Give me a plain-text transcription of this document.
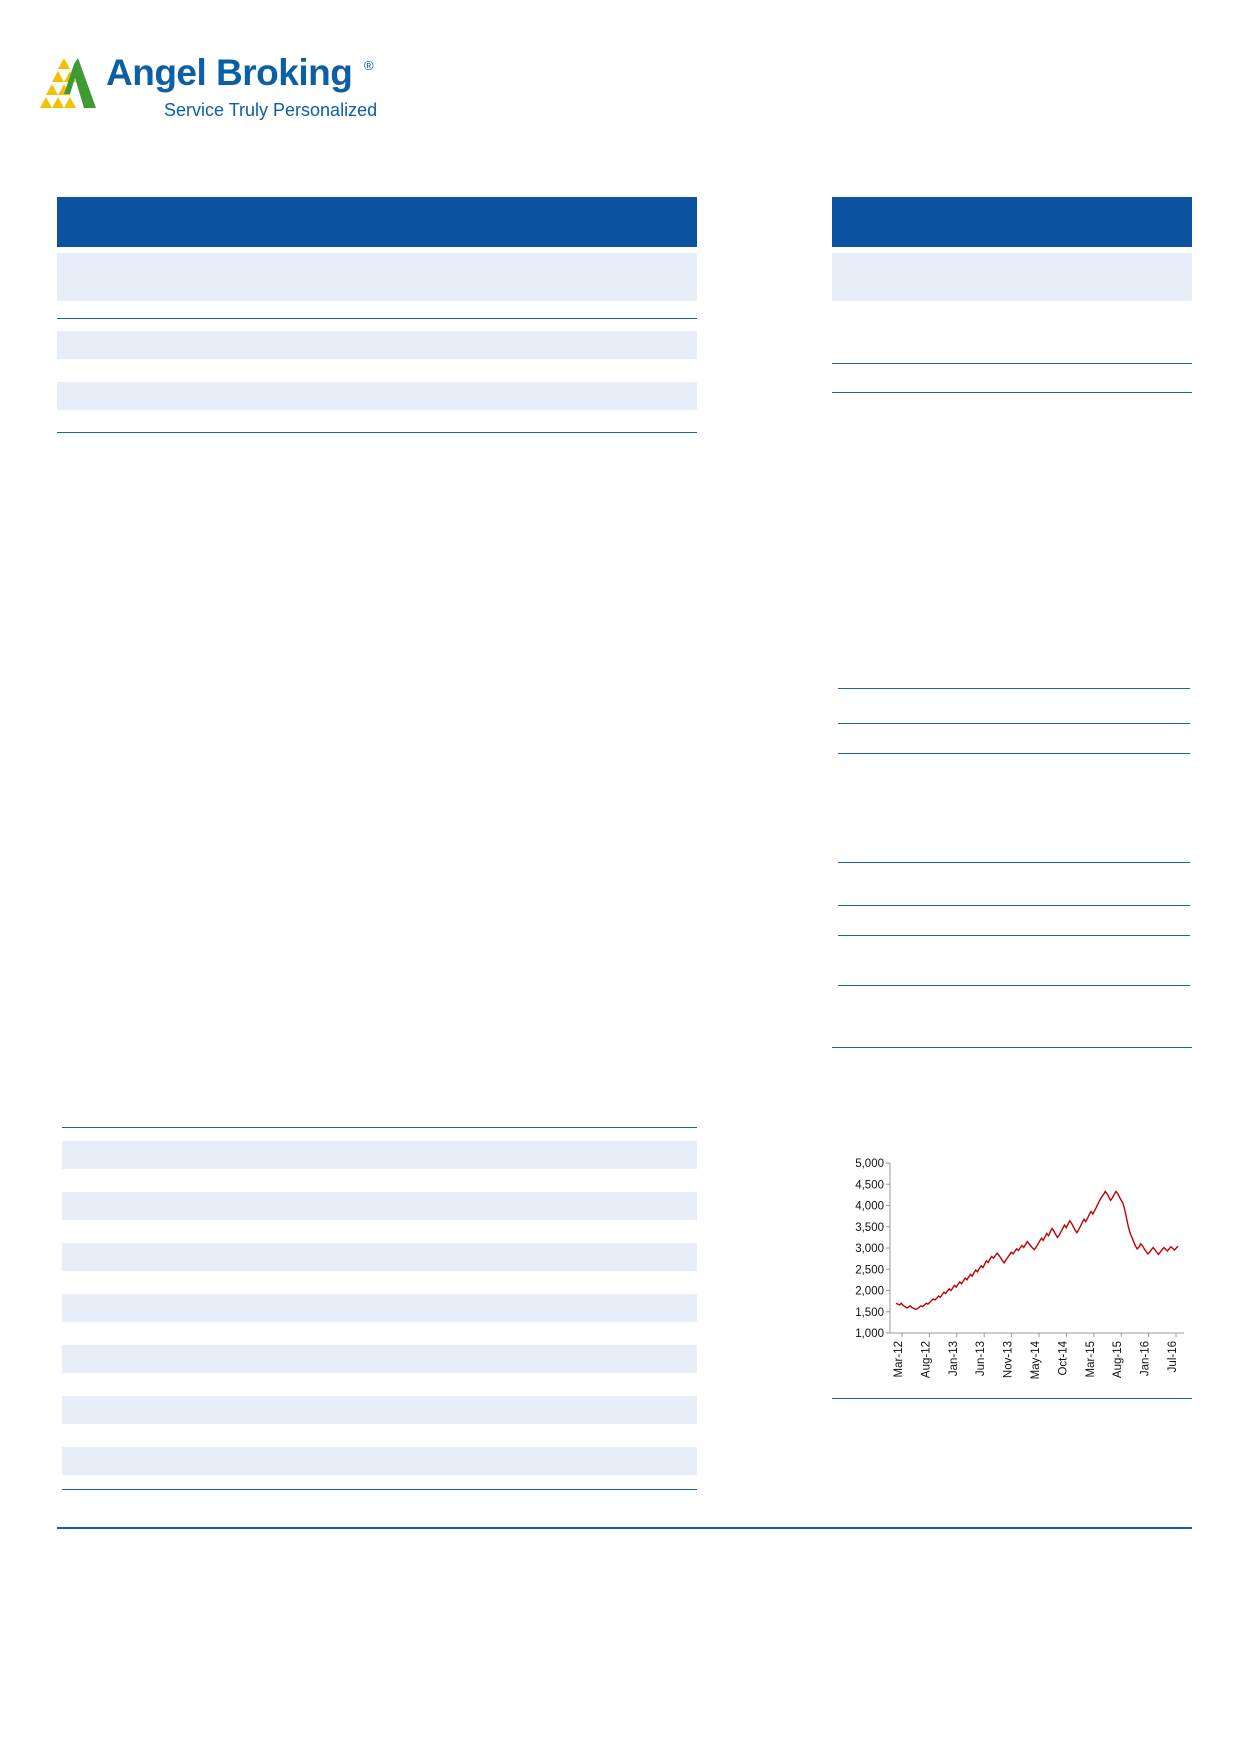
Angel Broking ®
Service Truly Personalized
1,000
1,500
2,000
2,500
3,000
3,500
4,000
4,500
5,000
Mar-12 Aug-12 Jan-13 Jun-13 Nov-13 May-14 Oct-14 Mar-15 Aug-15 Jan-16 Jul-16
